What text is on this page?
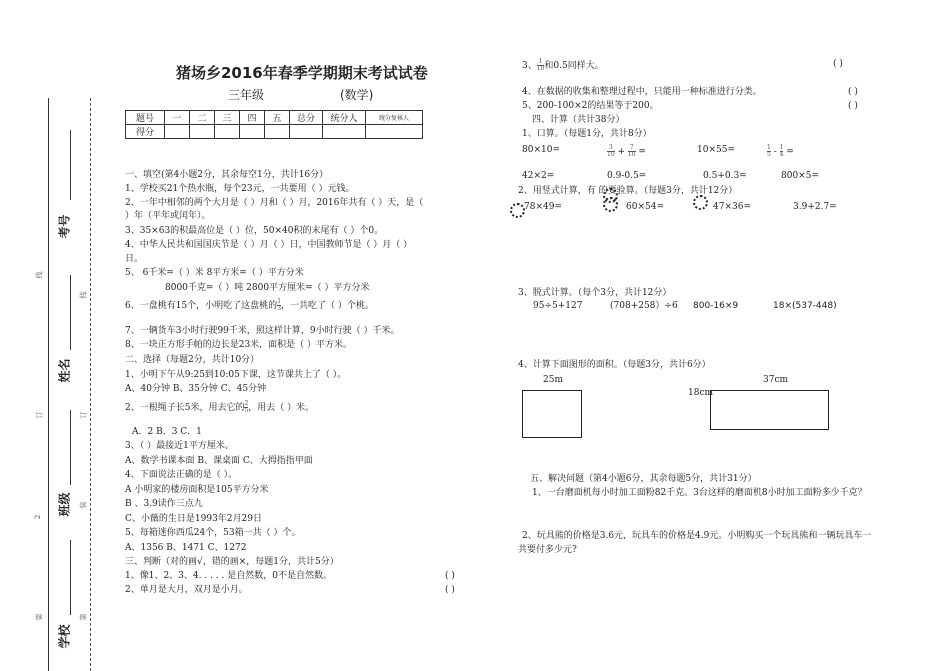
考号
姓名
班级
学校
线
线
订	订
2
装
第	第
猪场乡2016年春季学期期末考试试卷
三年级	(数学)
题号	一	二	三	四	五	总分	统分人	统分复核人
得分								
一、填空(第4小题2分，其余每空1分，共计16分）
1、学校买21个热水瓶，每个23元，一共要用（ ）元钱。
2、一年中相邻的两个大月是（ ）月和（ ）月，2016年共有（ ）天，是（
）年（平年或闰年）。
3、35×63的积最高位是（ ）位，50×40积的末尾有（ ）个0。
4、中华人民共和国国庆节是（ ）月（ ）日，中国教师节是（ ）月（ ）
日。
5、 6千米=（ ）米 8平方米=（ ）平方分米
8000千克=（ ）吨 2800平方厘米=（ ）平方分米
6、一盘桃有15个，小明吃了这盘桃的 $\frac{1}{3}$ ，一共吃了（ ）个桃。
7、一辆货车3小时行驶99千米，照这样计算，9小时行驶（ ）千米。
8、一块正方形手帕的边长是23米，面积是（ ）平方米。
二、选择（每题2分，共计10分）
1、小明下午从9:25到10:05下课，这节课共上了（ ）。
A、40分钟 B、35分钟 C、45分钟
2、一根绳子长5米，用去它的 $\frac{2}{5}$ ，用去（ ）米。
A．2 B．3 C．1
3、（ ）最接近1平方厘米。
A、数学书课本面 B、课桌面 C、大拇指指甲面
4、下面说法正确的是（ ）。
A 小明家的楼房面积是105平方分米
B 、3.9读作三点九
C、小薇的生日是1993年2月29日
5、每箱迷你西瓜24个，53箱一共（ ）个。
A、1356 B、1471 C、1272
三、判断（对的画√，错的画×，每题1分，共计5分）
1、像1、2、3、4. . . . . 是自然数，0不是自然数。	( )
2、单月是大月，双月是小月。	( )
3、 $\frac{1}{10}$ 和0.5同样大。	( )
4、在数据的收集和整理过程中，只能用一种标准进行分类。	( )
5、200-100×2的结果等于200。	( )
四、计算（共计38分）
1、口算。（每题1分，共计8分）
80×10=	$\frac{3}{10} + \frac{7}{10}$ =	10×55=	$\frac{1}{5} - \frac{1}{4}$ =
42×2=	0.9-0.5=	0.5+0.3=	800×5=
2、用竖式计算，有 的要验算。（每题3分，共计12分）
78×49=	60×54=	47×36=	3.9+2.7=
3、脱式计算。（每个3分，共计12分）
95÷5+127	(708+258）÷6 800-16×9	18×(537-448)
4、计算下面图形的面积。（每题3分，共计6分）
25m	37cm
18cm
五、解决问题（第4小题6分，其余每题5分，共计31分）
1、一台磨面机每小时加工面粉82千克。3台这样的磨面机8小时加工面粉多少千克？
2、玩具熊的价格是3.6元，玩具车的价格是4.9元。小明购买一个玩具熊和一辆玩具车一
共要付多少元?
